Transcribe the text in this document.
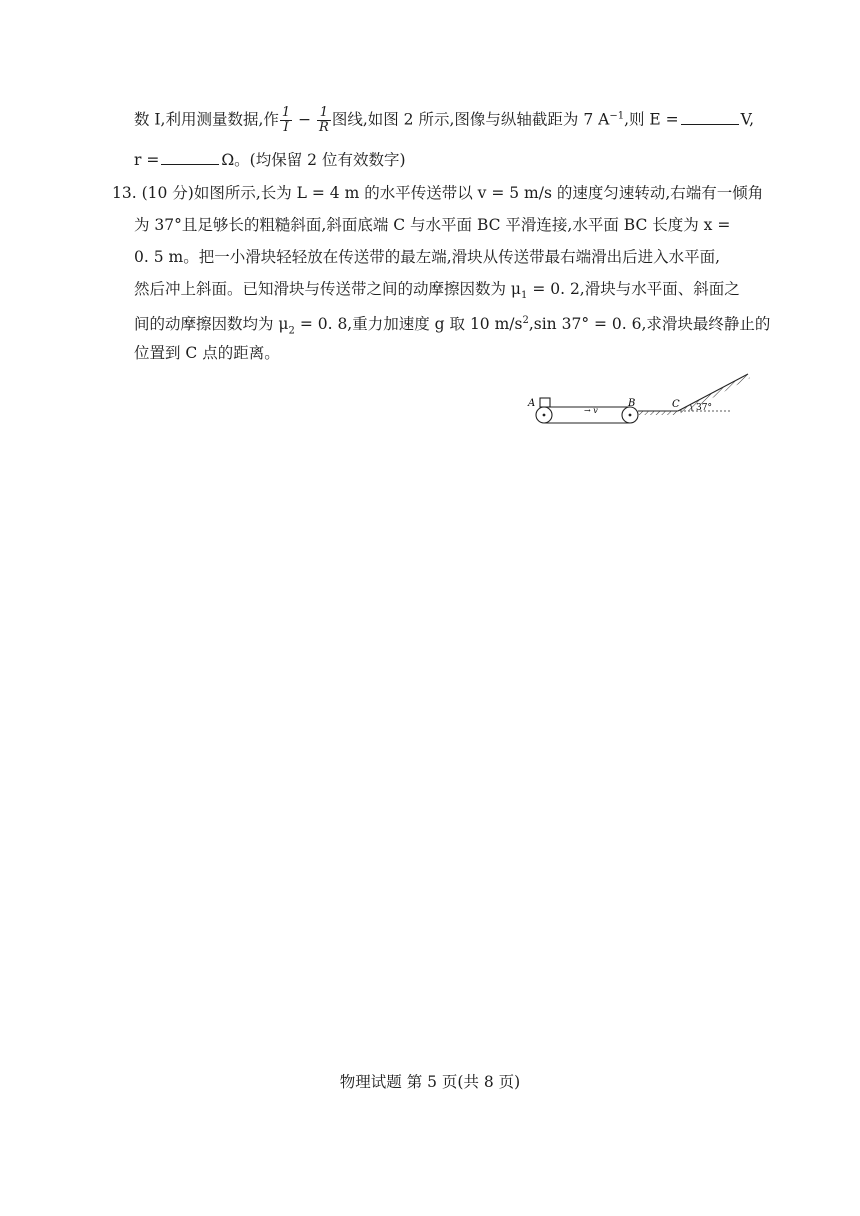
数 I,利用测量数据,作 $\frac{1}{I} - \frac{1}{R}$ 图线,如图 2 所示,图像与纵轴截距为 7 $A^{-1}$,则 E =	V,
r =	Ω。(均保留 2 位有效数字)
13. (10 分)如图所示,长为 L = 4 m 的水平传送带以 v = 5 m/s 的速度匀速转动,右端有一倾角
为 37°且足够长的粗糙斜面,斜面底端 C 与水平面 BC 平滑连接,水平面 BC 长度为 x =
0. 5 m。把一小滑块轻轻放在传送带的最左端,滑块从传送带最右端滑出后进入水平面,
然后冲上斜面。已知滑块与传送带之间的动摩擦因数为 $\mu_1 = 0$. 2,滑块与水平面、斜面之
间的动摩擦因数均为 $\mu_2 = 0$. 8,重力加速度 g 取 10 $m/s^2,\sin$ 37° = 0. 6,求滑块最终静止的
位置到 C 点的距离。
A	B	C
→ v	37°
物理试题 第 5 页(共 8 页)
